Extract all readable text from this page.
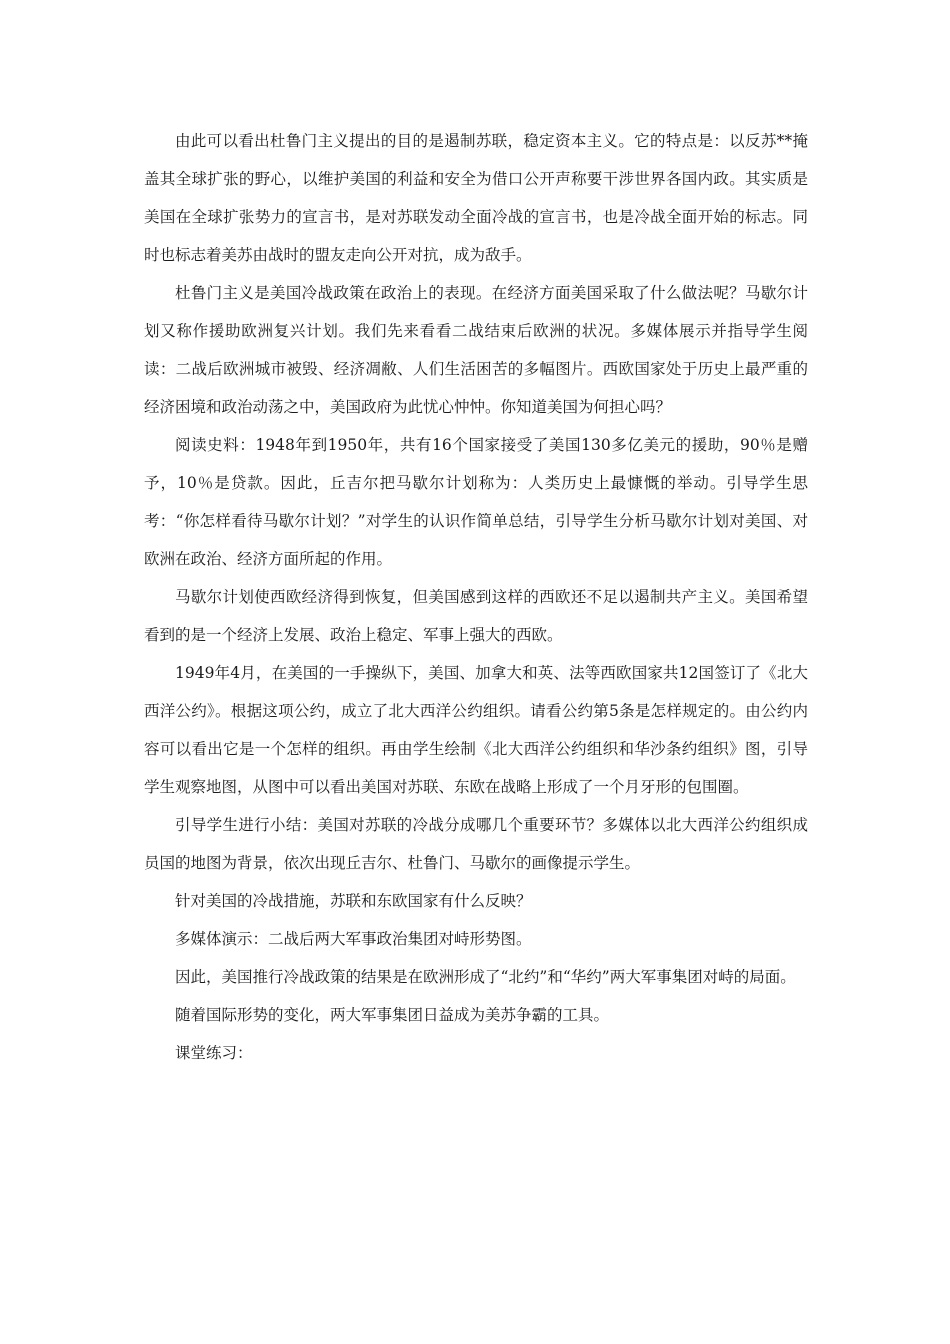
由此可以看出杜鲁门主义提出的目的是遏制苏联，稳定资本主义。它的特点是：以反苏**掩盖其全球扩张的野心，以维护美国的利益和安全为借口公开声称要干涉世界各国内政。其实质是美国在全球扩张势力的宣言书，是对苏联发动全面冷战的宣言书，也是冷战全面开始的标志。同时也标志着美苏由战时的盟友走向公开对抗，成为敌手。

杜鲁门主义是美国冷战政策在政治上的表现。在经济方面美国采取了什么做法呢？马歇尔计划又称作援助欧洲复兴计划。我们先来看看二战结束后欧洲的状况。多媒体展示并指导学生阅读：二战后欧洲城市被毁、经济凋敝、人们生活困苦的多幅图片。西欧国家处于历史上最严重的经济困境和政治动荡之中，美国政府为此忧心忡忡。你知道美国为何担心吗？

阅读史料：1948年到1950年，共有16个国家接受了美国130多亿美元的援助，90％是赠予，10％是贷款。因此，丘吉尔把马歇尔计划称为：人类历史上最慷慨的举动。引导学生思考：“你怎样看待马歇尔计划？”对学生的认识作简单总结，引导学生分析马歇尔计划对美国、对欧洲在政治、经济方面所起的作用。

马歇尔计划使西欧经济得到恢复，但美国感到这样的西欧还不足以遏制共产主义。美国希望看到的是一个经济上发展、政治上稳定、军事上强大的西欧。

1949年4月，在美国的一手操纵下，美国、加拿大和英、法等西欧国家共12国签订了《北大西洋公约》。根据这项公约，成立了北大西洋公约组织。请看公约第5条是怎样规定的。由公约内容可以看出它是一个怎样的组织。再由学生绘制《北大西洋公约组织和华沙条约组织》图，引导学生观察地图，从图中可以看出美国对苏联、东欧在战略上形成了一个月牙形的包围圈。

引导学生进行小结：美国对苏联的冷战分成哪几个重要环节？多媒体以北大西洋公约组织成员国的地图为背景，依次出现丘吉尔、杜鲁门、马歇尔的画像提示学生。

针对美国的冷战措施，苏联和东欧国家有什么反映？

多媒体演示：二战后两大军事政治集团对峙形势图。

因此，美国推行冷战政策的结果是在欧洲形成了“北约”和“华约”两大军事集团对峙的局面。

随着国际形势的变化，两大军事集团日益成为美苏争霸的工具。

课堂练习：
